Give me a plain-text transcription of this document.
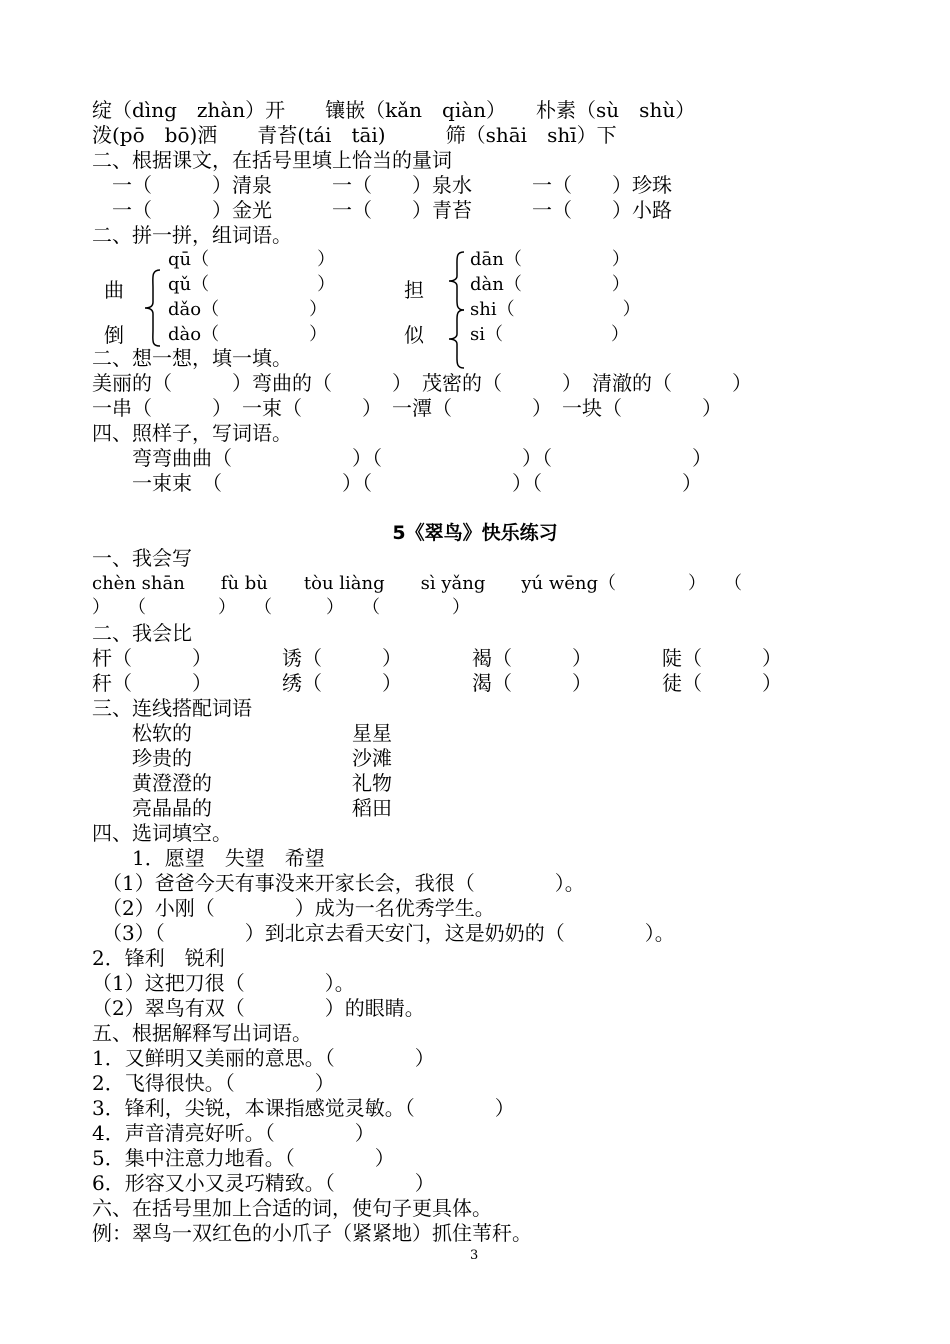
绽（dìng　zhàn）开　　镶嵌（kǎn　qiàn）　　朴素（sù　shù）
泼(pō　bō)洒　　青苔(tái　tāi)　　　筛（shāi　shī）下
二、根据课文，在括号里填上恰当的量词
　一（　　　）清泉　　　一（　　）泉水　　　一（　　）珍珠
　一（　　　）金光　　　一（　　）青苔　　　一（　　）小路
二、拼一拼，组词语。
曲
倒
qū（　　　　　　）
qǔ（　　　　　　）
dǎo（　　　　　）
dào（　　　　　）
担
似
dān（　　　　　）
dàn（　　　　　）
shi（　　　　　　）
si（　　　　　　）
二、想一想，填一填。
美丽的（　　　）弯曲的（　　　）　茂密的（　　　）　清澈的（　　　）
一串（　　　）　一束（　　　）　一潭（　　　　）　一块（　　　　）
四、照样子，写词语。
　　弯弯曲曲（　　　　　　）（　　　　　　　）（　　　　　　　）
　　一束束　（　　　　　　）（　　　　　　　）（　　　　　　　）
5《翠鸟》快乐练习
一、我会写
chèn shān　　fù bù　　tòu liàng　　sì yǎng　　yú wēng（　　　　）　　（
）　　（　　　　）　　（　　　）　　（　　　　）
二、我会比
杆（　　　）　　　　诱（　　　）　　　　褐（　　　）　　　　陡（　　　）
秆（　　　）　　　　绣（　　　）　　　　渴（　　　）　　　　徒（　　　）
三、连线搭配词语
　　松软的　　　　　　　　星星
　　珍贵的　　　　　　　　沙滩
　　黄澄澄的　　　　　　　礼物
　　亮晶晶的　　　　　　　稻田
四、选词填空。
　　1．愿望　失望　希望
　（1）爸爸今天有事没来开家长会，我很（　　　　）。
　（2）小刚（　　　　）成为一名优秀学生。
　（3）（　　　　）到北京去看天安门，这是奶奶的（　　　　）。
2．锋利　锐利
（1）这把刀很（　　　　）。
（2）翠鸟有双（　　　　）的眼睛。
五、根据解释写出词语。
1．又鲜明又美丽的意思。（　　　　）
2．飞得很快。（　　　　）
3．锋利，尖锐，本课指感觉灵敏。（　　　　）
4．声音清亮好听。（　　　　）
5．集中注意力地看。（　　　　）
6．形容又小又灵巧精致。（　　　　）
六、在括号里加上合适的词，使句子更具体。
例：翠鸟一双红色的小爪子（紧紧地）抓住苇秆。
3
